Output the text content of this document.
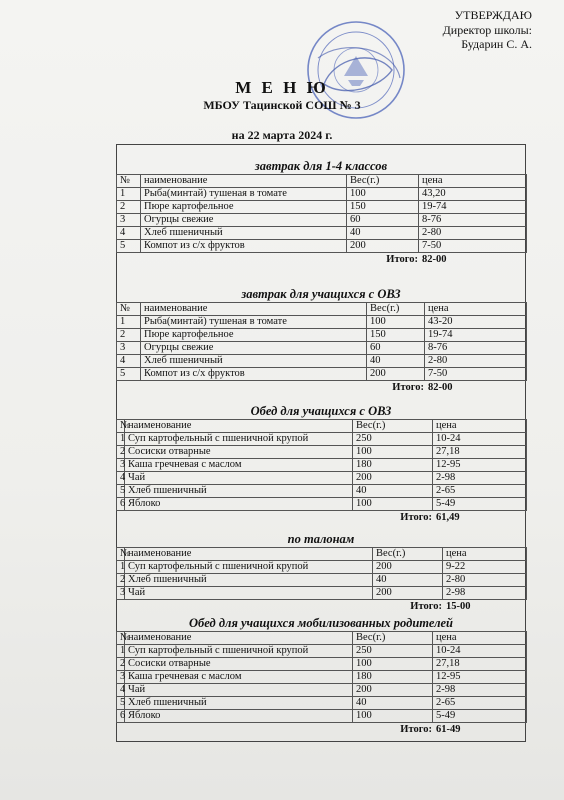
УТВЕРЖДАЮ
Директор школы:
Бударин С. А.
М Е Н Ю
МБОУ Тацинской СОШ № 3
на 22 марта 2024 г.
завтрак для 1-4 классов
№	наименование	Вес(г.)	цена
1	Рыба(минтай) тушеная в томате	100	43,20
2	Пюре картофельное	150	19-74
3	Огурцы свежие	60	8-76
4	Хлеб пшеничный	40	2-80
5	Компот из с/х фруктов	200	7-50
Итого: 82-00
завтрак для учащихся с ОВЗ
№	наименование	Вес(г.)	цена
1	Рыба(минтай) тушеная в томате	100	43-20
2	Пюре картофельное	150	19-74
3	Огурцы свежие	60	8-76
4	Хлеб пшеничный	40	2-80
5	Компот из с/х фруктов	200	7-50
Итого: 82-00
Обед для учащихся с ОВЗ
№	наименование	Вес(г.)	цена
1	Суп картофельный с пшеничной крупой	250	10-24
2	Сосиски отварные	100	27,18
3	Каша гречневая с маслом	180	12-95
4	Чай	200	2-98
5	Хлеб пшеничный	40	2-65
6	Яблоко	100	5-49
Итого: 61,49
по талонам
№	наименование	Вес(г.)	цена
1	Суп картофельный с пшеничной крупой	200	9-22
2	Хлеб пшеничный	40	2-80
3	Чай	200	2-98
Итого: 15-00
Обед для учащихся мобилизованных родителей
№	наименование	Вес(г.)	цена
1	Суп картофельный с пшеничной крупой	250	10-24
2	Сосиски отварные	100	27,18
3	Каша гречневая с маслом	180	12-95
4	Чай	200	2-98
5	Хлеб пшеничный	40	2-65
6	Яблоко	100	5-49
Итого: 61-49
